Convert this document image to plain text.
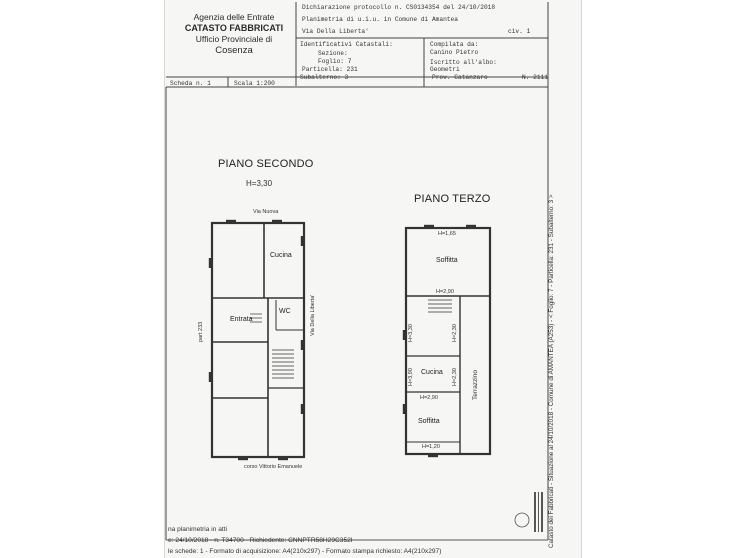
Agenzia delle Entrate
CATASTO FABBRICATI
Ufficio Provinciale di
Cosenza
Dichiarazione protocollo n. CS0134354 del 24/10/2018
Planimetria di u.i.u. in Comune di Amantea
Via Della Liberta'	civ. 1
Identificativi Catastali:
Sezione:
Foglio: 7
Particella: 231
Subalterno: 3
Compilata da:
Canino Pietro
Iscritto all'albo:
Geometri
Prov. Catanzaro	N. 2111
Scheda n. 1	Scala 1:200
PIANO SECONDO
H=3,30
Via Nuova
Via Della Liberta'
part 233
corso Vittorio Emanuele
Cucina
Entrata
WC
PIANO TERZO
H=1,65
Soffitta
H=2,90
H=3,30	H=2,30
H=3,90	H=2,30
Cucina	Terrazzino
H=2,90
Soffitta
H=1,20	Catasto dei Fabbricati - Situazione al 24/10/2018 - Comune di AMANTEA (A253) - < Foglio: 7 - Particella: 231 - Subalterno: 3 >
na planimetria in atti
e: 24/10/2018 - n. T34700 - Richiedente: CNNPTR58H29C352I
le schede: 1 - Formato di acquisizione: A4(210x297) - Formato stampa richiesto: A4(210x297)
